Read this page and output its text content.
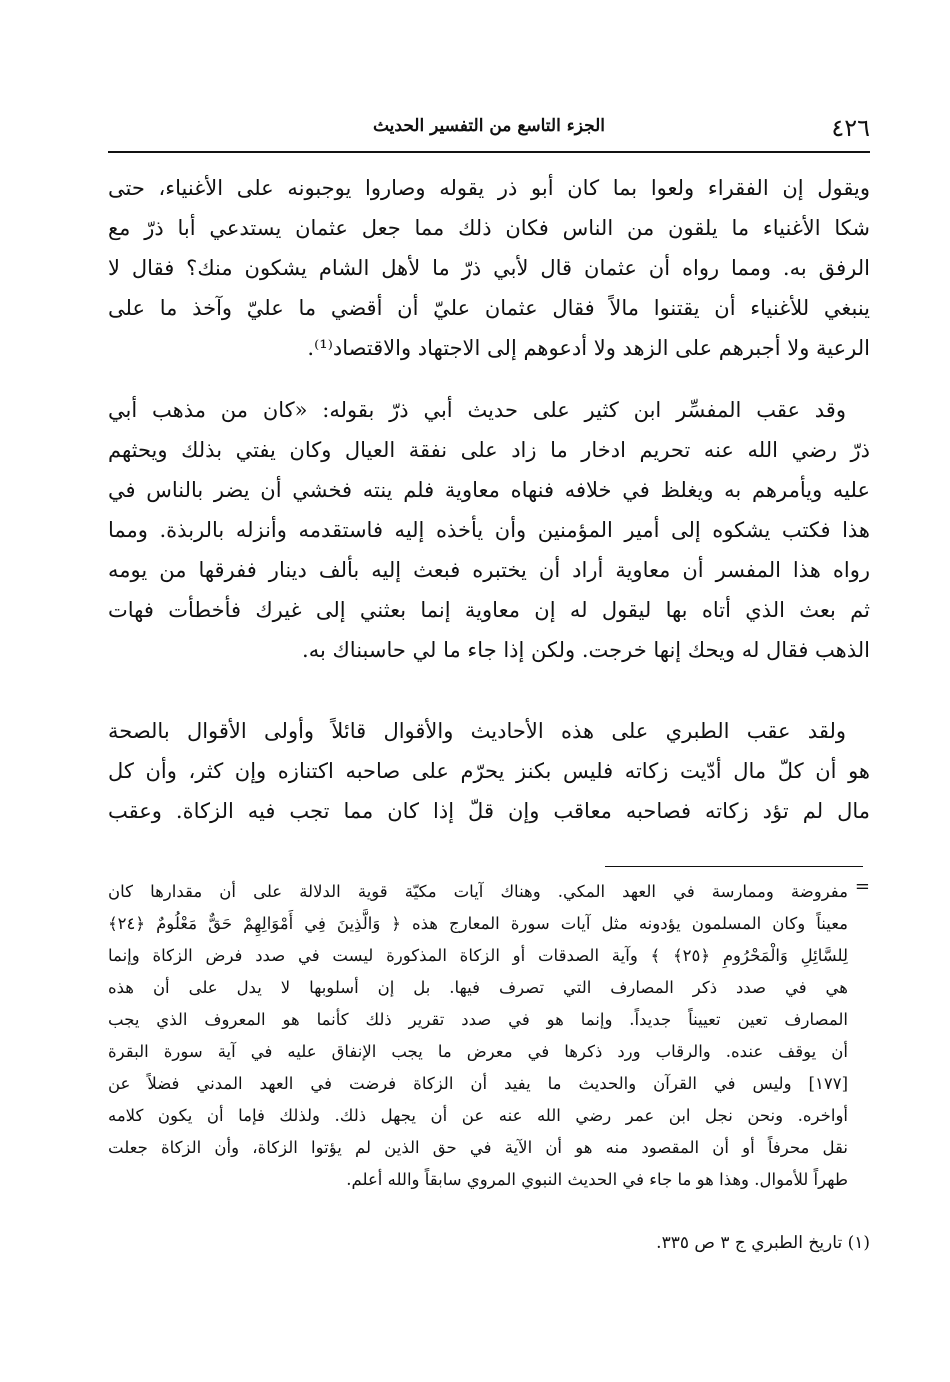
٤٢٦
الجزء التاسع من التفسير الحديث
ويقول إن الفقراء ولعوا بما كان أبو ذر يقوله وصاروا يوجبونه على الأغنياء، حتى
شكا الأغنياء ما يلقون من الناس فكان ذلك مما جعل عثمان يستدعي أبا ذرّ مع
الرفق به. ومما رواه أن عثمان قال لأبي ذرّ ما لأهل الشام يشكون منك؟ فقال لا
ينبغي للأغنياء أن يقتنوا مالاً فقال عثمان عليّ أن أقضي ما عليّ وآخذ ما على
الرعية ولا أجبرهم على الزهد ولا أدعوهم إلى الاجتهاد والاقتصاد⁽¹⁾.
وقد عقب المفسِّر ابن كثير على حديث أبي ذرّ بقوله: «كان من مذهب أبي
ذرّ رضي الله عنه تحريم ادخار ما زاد على نفقة العيال وكان يفتي بذلك ويحثهم
عليه ويأمرهم به ويغلظ في خلافه فنهاه معاوية فلم ينته فخشي أن يضر بالناس في
هذا فكتب يشكوه إلى أمير المؤمنين وأن يأخذه إليه فاستقدمه وأنزله بالربذة. ومما
رواه هذا المفسر أن معاوية أراد أن يختبره فبعث إليه بألف دينار ففرقها من يومه
ثم بعث الذي أتاه بها ليقول له إن معاوية إنما بعثني إلى غيرك فأخطأت فهات
الذهب فقال له ويحك إنها خرجت. ولكن إذا جاء ما لي حاسبناك به.
ولقد عقب الطبري على هذه الأحاديث والأقوال قائلاً وأولى الأقوال بالصحة
هو أن كلّ مال أدّيت زكاته فليس بكنز يحرّم على صاحبه اكتنازه وإن كثر، وأن كل
مال لم تؤد زكاته فصاحبه معاقب وإن قلّ إذا كان مما تجب فيه الزكاة. وعقب
=
مفروضة وممارسة في العهد المكي. وهناك آيات مكيّة قوية الدلالة على أن مقدارها كان
معيناً وكان المسلمون يؤدونه مثل آيات سورة المعارج هذه ﴿ وَالَّذِينَ فِي أَمْوَالِهِمْ حَقٌّ مَعْلُومٌ ﴿٢٤﴾
لِلسَّائِلِ وَالْمَحْرُومِ ﴿٢٥﴾ ﴾ وآية الصدقات أو الزكاة المذكورة ليست في صدد فرض الزكاة وإنما
هي في صدد ذكر المصارف التي تصرف فيها. بل إن أسلوبها لا يدل على أن هذه
المصارف تعين تعييناً جديداً. وإنما هو في صدد تقرير ذلك كأنما هو المعروف الذي يجب
أن يوقف عنده. والرقاب ورد ذكرها في معرض ما يجب الإنفاق عليه في آية سورة البقرة
[١٧٧] وليس في القرآن والحديث ما يفيد أن الزكاة فرضت في العهد المدني فضلاً عن
أواخره. ونحن نجل ابن عمر رضي الله عنه عن أن يجهل ذلك. ولذلك فإما أن يكون كلامه
نقل محرفاً أو أن المقصود منه هو أن الآية في حق الذين لم يؤتوا الزكاة، وأن الزكاة جعلت
طهراً للأموال. وهذا هو ما جاء في الحديث النبوي المروي سابقاً والله أعلم.
(١) تاريخ الطبري ج ٣ ص ٣٣٥.
